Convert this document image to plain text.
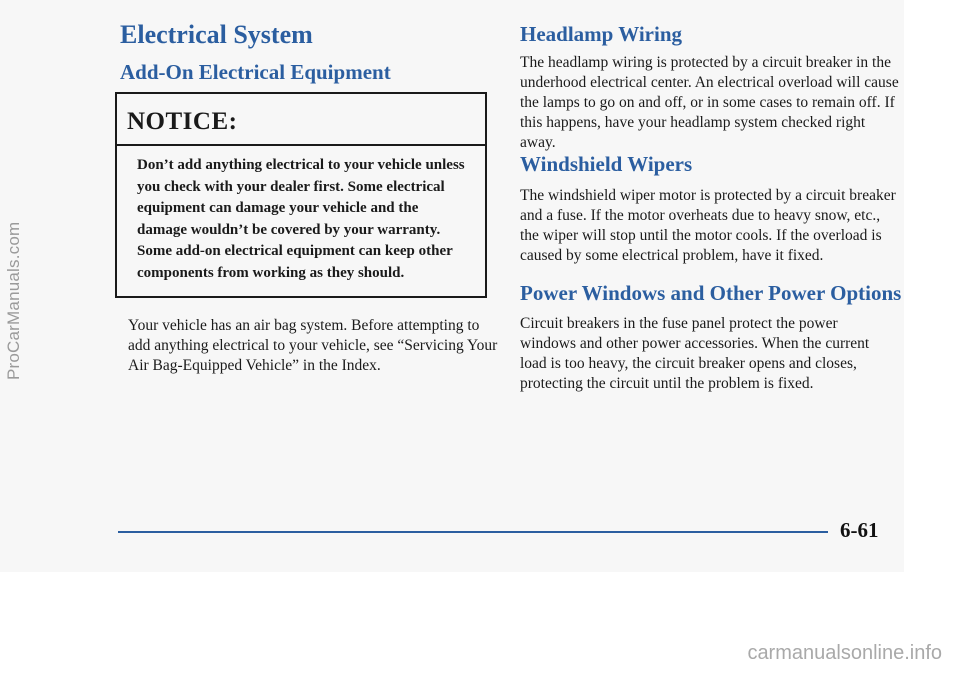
Electrical System
Add-On Electrical Equipment
NOTICE:
Don’t add anything electrical to your vehicle unless you check with your dealer first. Some electrical equipment can damage your vehicle and the damage wouldn’t be covered by your warranty. Some add-on electrical equipment can keep other components from working as they should.

Your vehicle has an air bag system. Before attempting to add anything electrical to your vehicle, see “Servicing Your Air Bag-Equipped Vehicle” in the Index.

Headlamp Wiring

The headlamp wiring is protected by a circuit breaker in the underhood electrical center. An electrical overload will cause the lamps to go on and off, or in some cases to remain off. If this happens, have your headlamp system checked right away.

Windshield Wipers

The windshield wiper motor is protected by a circuit breaker and a fuse. If the motor overheats due to heavy snow, etc., the wiper will stop until the motor cools. If the overload is caused by some electrical problem, have it fixed.

Power Windows and Other Power Options

Circuit breakers in the fuse panel protect the power windows and other power accessories. When the current load is too heavy, the circuit breaker opens and closes, protecting the circuit until the problem is fixed.

6-61
ProCarManuals.com
carmanualsonline.info
